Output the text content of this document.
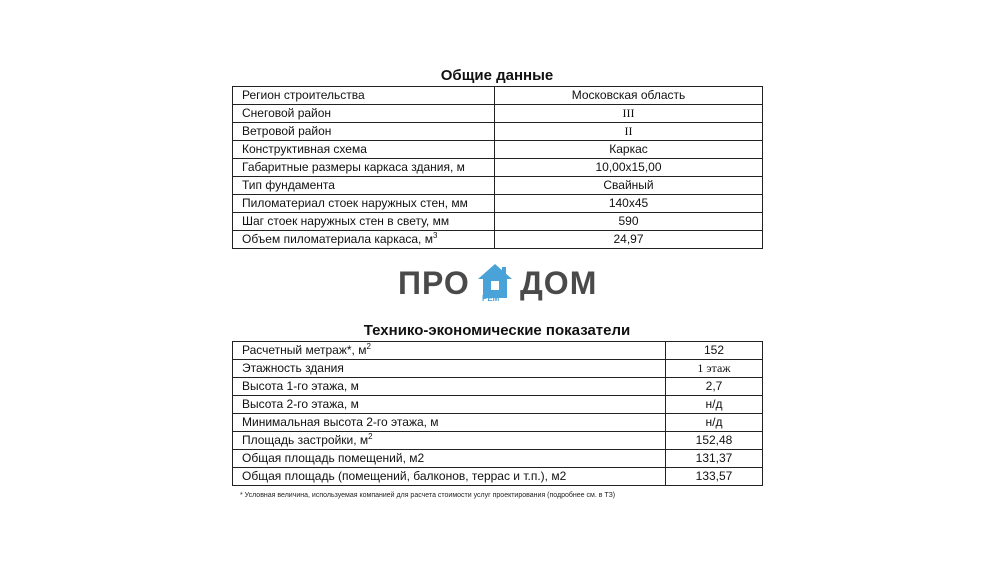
Общие данные
Регион строительства	Московская область
Снеговой район	III
Ветровой район	II
Конструктивная схема	Каркас
Габаритные размеры каркаса здания, м	10,00х15,00
Тип фундамента	Свайный
Пиломатериал стоек наружных стен, мм	140х45
Шаг стоек наружных стен в свету, мм	590
Объем пиломатериала каркаса, $м^3$	24,97
ПРО РЕМ ДОМ
Технико-экономические показатели
Расчетный метраж*, $м^2$	152
Этажность здания	1 этаж
Высота 1-го этажа, м	2,7
Высота 2-го этажа, м	н/д
Минимальная высота 2-го этажа, м	н/д
Площадь застройки, $м^2$	152,48
Общая площадь помещений, м2	131,37
Общая площадь (помещений, балконов, террас и т.п.), м2	133,57
* Условная величина, используемая компанией для расчета стоимости услуг проектирования (подробнее см. в ТЗ)
